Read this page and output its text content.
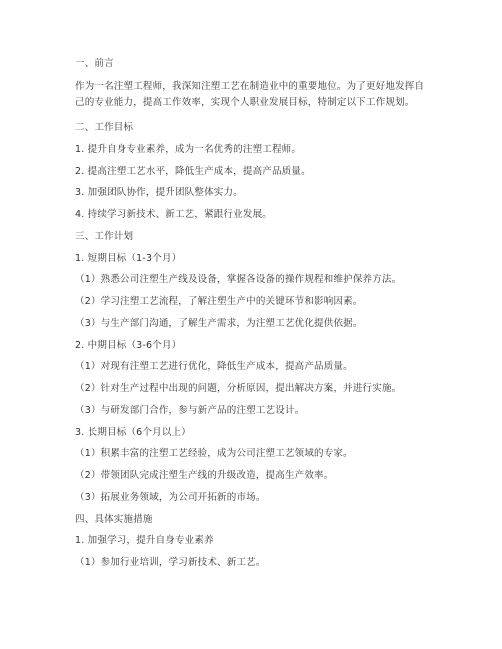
一、前言
作为一名注塑工程师，我深知注塑工艺在制造业中的重要地位。为了更好地发挥自
己的专业能力，提高工作效率，实现个人职业发展目标，特制定以下工作规划。
二、工作目标
1. 提升自身专业素养，成为一名优秀的注塑工程师。
2. 提高注塑工艺水平，降低生产成本，提高产品质量。
3. 加强团队协作，提升团队整体实力。
4. 持续学习新技术、新工艺，紧跟行业发展。
三、工作计划
1. 短期目标（1-3个月）
（1）熟悉公司注塑生产线及设备，掌握各设备的操作规程和维护保养方法。
（2）学习注塑工艺流程，了解注塑生产中的关键环节和影响因素。
（3）与生产部门沟通，了解生产需求，为注塑工艺优化提供依据。
2. 中期目标（3-6个月）
（1）对现有注塑工艺进行优化，降低生产成本，提高产品质量。
（2）针对生产过程中出现的问题，分析原因，提出解决方案，并进行实施。
（3）与研发部门合作，参与新产品的注塑工艺设计。
3. 长期目标（6个月以上）
（1）积累丰富的注塑工艺经验，成为公司注塑工艺领域的专家。
（2）带领团队完成注塑生产线的升级改造，提高生产效率。
（3）拓展业务领域，为公司开拓新的市场。
四、具体实施措施
1. 加强学习，提升自身专业素养
（1）参加行业培训，学习新技术、新工艺。
